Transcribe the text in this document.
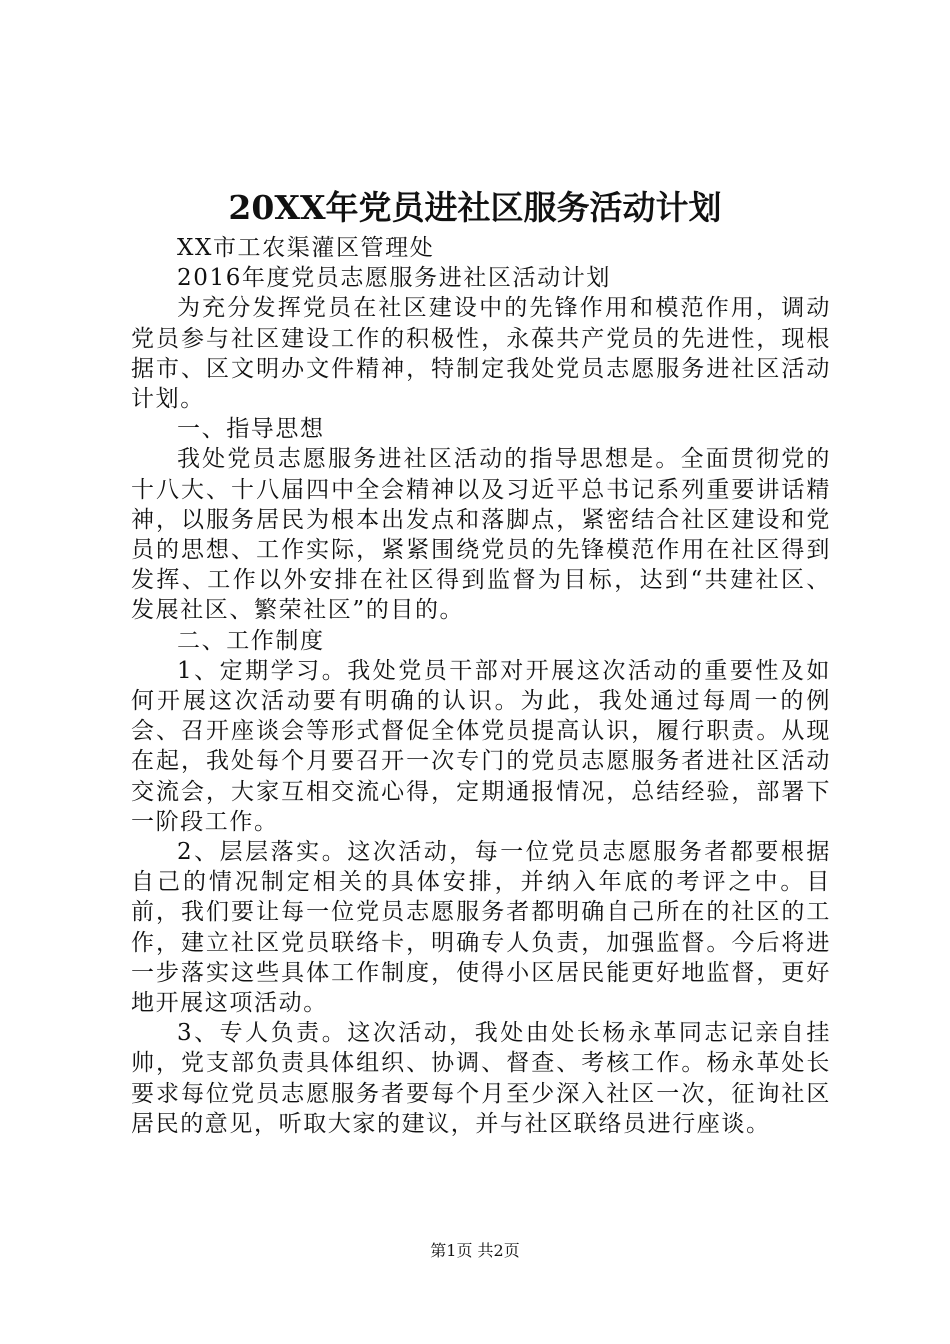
20XX年党员进社区服务活动计划

XX市工农渠灌区管理处

2016年度党员志愿服务进社区活动计划

为充分发挥党员在社区建设中的先锋作用和模范作用，调动党员参与社区建设工作的积极性，永葆共产党员的先进性，现根据市、区文明办文件精神，特制定我处党员志愿服务进社区活动计划。

一、指导思想

我处党员志愿服务进社区活动的指导思想是。全面贯彻党的十八大、十八届四中全会精神以及习近平总书记系列重要讲话精神，以服务居民为根本出发点和落脚点，紧密结合社区建设和党员的思想、工作实际，紧紧围绕党员的先锋模范作用在社区得到发挥、工作以外安排在社区得到监督为目标，达到“共建社区、发展社区、繁荣社区”的目的。

二、工作制度

1、定期学习。我处党员干部对开展这次活动的重要性及如何开展这次活动要有明确的认识。为此，我处通过每周一的例会、召开座谈会等形式督促全体党员提高认识，履行职责。从现在起，我处每个月要召开一次专门的党员志愿服务者进社区活动交流会，大家互相交流心得，定期通报情况，总结经验，部署下一阶段工作。

2、层层落实。这次活动，每一位党员志愿服务者都要根据自己的情况制定相关的具体安排，并纳入年底的考评之中。目前，我们要让每一位党员志愿服务者都明确自己所在的社区的工作，建立社区党员联络卡，明确专人负责，加强监督。今后将进一步落实这些具体工作制度，使得小区居民能更好地监督，更好地开展这项活动。

3、专人负责。这次活动，我处由处长杨永革同志记亲自挂帅，党支部负责具体组织、协调、督查、考核工作。杨永革处长要求每位党员志愿服务者要每个月至少深入社区一次，征询社区居民的意见，听取大家的建议，并与社区联络员进行座谈。

第1页 共2页
